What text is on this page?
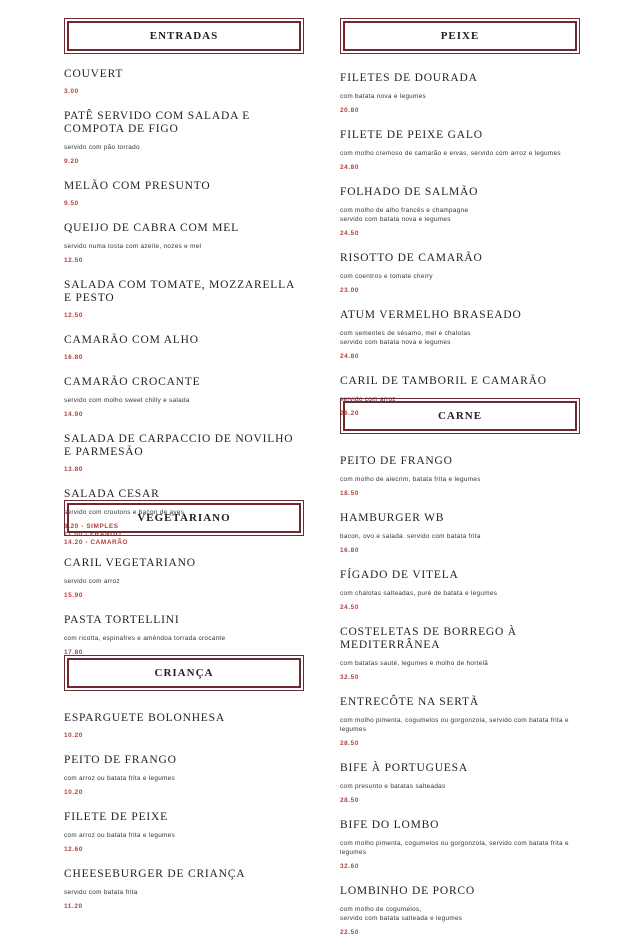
ENTRADAS
COUVERT
3.00
PATÊ SERVIDO COM SALADA E COMPOTA DE FIGO
servido com pão torrado
9.20
MELÃO COM PRESUNTO
9.50
QUEIJO DE CABRA COM MEL
servido numa tosta com azeite, nozes e mel
12.50
SALADA COM TOMATE, MOZZARELLA E PESTO
12.50
CAMARÃO COM ALHO
16.80
CAMARÃO CROCANTE
servido com molho sweet chilly e salada
14.90
SALADA DE CARPACCIO DE NOVILHO E PARMESÃO
13.80
SALADA CESAR
servido com croutons e bacon de aves
8.20 - SIMPLES
11.00 - FRANGO
14.20 - CAMARÃO
VEGETARIANO
CARIL VEGETARIANO
servido com arroz
15.90
PASTA TORTELLINI
com ricotta, espinafres e amêndoa torrada crocante
17.80
CRIANÇA
ESPARGUETE BOLONHESA
10.20
PEITO DE FRANGO
com arroz ou batata frita e legumes
10.20
FILETE DE PEIXE
com arroz ou batata frita e legumes
12.60
CHEESEBURGER DE CRIANÇA
servido com batata frita
11.20
PEIXE
FILETES DE DOURADA
com batata nova e legumes
20.80
FILETE DE PEIXE GALO
com molho cremoso de camarão e ervas, servido com arroz e legumes
24.80
FOLHADO DE SALMÃO
com molho de alho francês e champagne
servido com batata nova e legumes
24.50
RISOTTO DE CAMARÃO
com coentros e tomate cherry
23.00
ATUM VERMELHO BRASEADO
com sementes de sésamo, mel e chalotas
servido com batata nova e legumes
24.80
CARIL DE TAMBORIL E CAMARÃO
servido com arroz
26.20	CARNE
PEITO DE FRANGO
com molho de alecrim, batata frita e legumes
18.50
HAMBURGER WB
bacon, ovo e salada. servido com batata frita
16.80
FÍGADO DE VITELA
com chalotas salteadas, puré de batata e legumes
24.50
COSTELETAS DE BORREGO À MEDITERRÂNEA
com batatas sauté, legumes e molho de hortelã
32.50
ENTRECÔTE NA SERTÃ
com molho pimenta, cogumelos ou gorgonzola, servido com batata frita e legumes
28.50
BIFE À PORTUGUESA
com presunto e batatas salteadas
28.50
BIFE DO LOMBO
com molho pimenta, cogumelos ou gorgonzola, servido com batata frita e legumes
32.60
LOMBINHO DE PORCO
com molho de cogumelos,
servido com batata salteada e legumes
22.50
